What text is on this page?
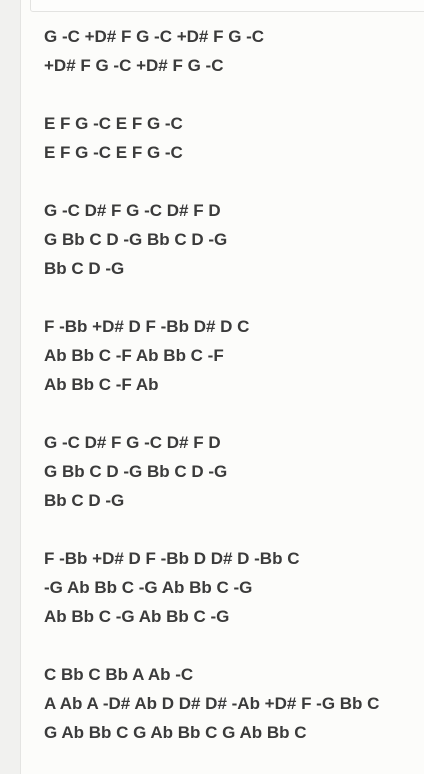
G -C +D# F G -C +D# F G -C
+D# F G -C +D# F G -C
E F G -C E F G -C
E F G -C E F G -C
G -C D# F G -C D# F D
G Bb C D -G Bb C D -G
Bb C D -G
F -Bb +D# D F -Bb D# D C
Ab Bb C -F Ab Bb C -F
Ab Bb C -F Ab
G -C D# F G -C D# F D
G Bb C D -G Bb C D -G
Bb C D -G
F -Bb +D# D F -Bb D D# D -Bb C
-G Ab Bb C -G Ab Bb C -G
Ab Bb C -G Ab Bb C -G
C Bb C Bb A Ab -C
A Ab A -D# Ab D D# D# -Ab +D# F -G Bb C
G Ab Bb C G Ab Bb C G Ab Bb C
